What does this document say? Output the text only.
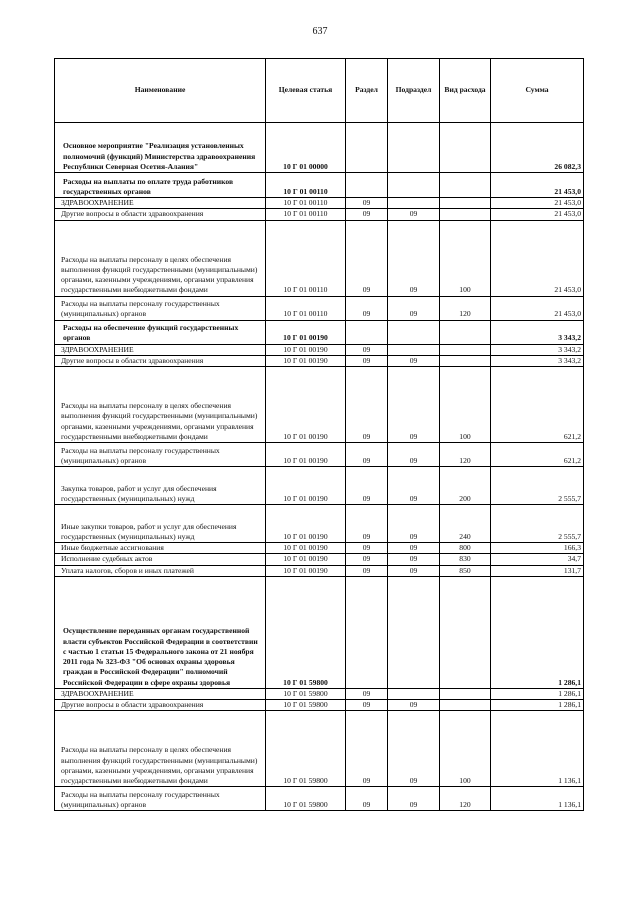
637
Наименование	Целевая статья	Раздел	Подраздел	Вид расхода	Сумма
Основное мероприятие "Реализация установленных полномочий (функций) Министерства здравоохранения Республики Северная Осетия-Алания"	10 Г 01 00000				26 082,3
Расходы на выплаты по оплате труда работников государственных органов	10 Г 01 00110				21 453,0
ЗДРАВООХРАНЕНИЕ	10 Г 01 00110	09			21 453,0
Другие вопросы в области здравоохранения	10 Г 01 00110	09	09		21 453,0
Расходы на выплаты персоналу в целях обеспечения выполнения функций государственными (муниципальными) органами, казенными учреждениями, органами управления государственными внебюджетными фондами	10 Г 01 00110	09	09	100	21 453,0
Расходы на выплаты персоналу государственных (муниципальных) органов	10 Г 01 00110	09	09	120	21 453,0
Расходы на обеспечение функций государственных органов	10 Г 01 00190				3 343,2
ЗДРАВООХРАНЕНИЕ	10 Г 01 00190	09			3 343,2
Другие вопросы в области здравоохранения	10 Г 01 00190	09	09		3 343,2
Расходы на выплаты персоналу в целях обеспечения выполнения функций государственными (муниципальными) органами, казенными учреждениями, органами управления государственными внебюджетными фондами	10 Г 01 00190	09	09	100	621,2
Расходы на выплаты персоналу государственных (муниципальных) органов	10 Г 01 00190	09	09	120	621,2
Закупка товаров, работ и услуг для обеспечения государственных (муниципальных) нужд	10 Г 01 00190	09	09	200	2 555,7
Иные закупки товаров, работ и услуг для обеспечения государственных (муниципальных) нужд	10 Г 01 00190	09	09	240	2 555,7
Иные бюджетные ассигнования	10 Г 01 00190	09	09	800	166,3
Исполнение судебных актов	10 Г 01 00190	09	09	830	34,7
Уплата налогов, сборов и иных платежей	10 Г 01 00190	09	09	850	131,7
Осуществление переданных органам государственной власти субъектов Российской Федерации в соответствии с частью 1 статьи 15 Федерального закона от 21 ноября 2011 года № 323-ФЗ "Об основах охраны здоровья граждан в Российской Федерации" полномочий Российской Федерации в сфере охраны здоровья	10 Г 01 59800				1 286,1
ЗДРАВООХРАНЕНИЕ	10 Г 01 59800	09			1 286,1
Другие вопросы в области здравоохранения	10 Г 01 59800	09	09		1 286,1
Расходы на выплаты персоналу в целях обеспечения выполнения функций государственными (муниципальными) органами, казенными учреждениями, органами управления государственными внебюджетными фондами	10 Г 01 59800	09	09	100	1 136,1
Расходы на выплаты персоналу государственных (муниципальных) органов	10 Г 01 59800	09	09	120	1 136,1
